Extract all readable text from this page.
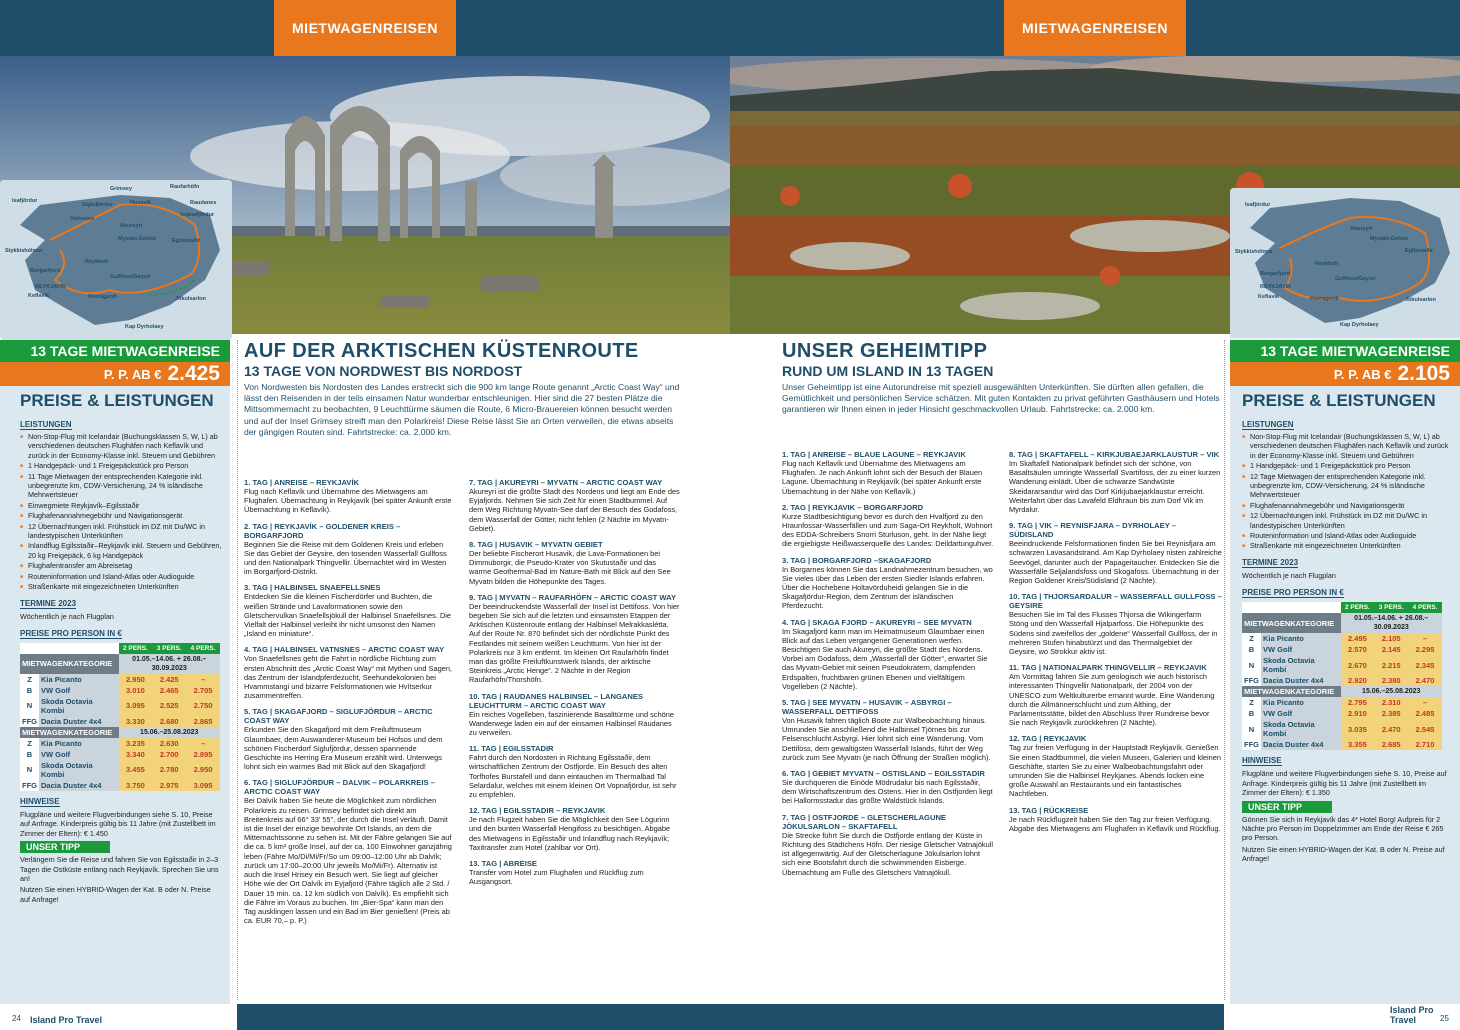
MIETWAGENREISEN
Isafjördur
Grimsey	Raufarhöfn
Siglufjördur	Husavik	Raudanes
Vopnafjördur
Vatnsnes
Akureyri
Stykkishólmur
Myvatn-Gebiet	Egilsstaðir
Reykholt
Borgarfjord
Gullfoss/Geysir
REYKJAVIK
Keflavik	Hveragerdi	Jökulsarlon
Kap Dyrholaey
13 TAGE MIETWAGENREISE
P. P. AB € 2.425
PREISE & LEISTUNGEN
LEISTUNGEN
■ Non-Stop-Flug mit Icelandair (Buchungsklassen S, W, L) ab verschiedenen deutschen Flughäfen nach Keflavík und zurück in der Economy-Klasse inkl. Steuern und Gebühren
■ 1 Handgepäck- und 1 Freigepäckstück pro Person
■ 11 Tage Mietwagen der entsprechenden Kategorie inkl. unbegrenzte km, CDW-Versicherung, 24 % isländische Mehrwertsteuer
■ Einwegmiete Reykjavík–Egilsstaðir
■ Flughafenannahmegebühr und Navigationsgerät
■ 12 Übernachtungen inkl. Frühstück im DZ mit Du/WC in landestypischen Unterkünften
■ Inlandflug Egilsstaðir–Reykjavík inkl. Steuern und Gebühren, 20 kg Freigepäck, 6 kg Handgepäck
■ Flughafentransfer am Abreisetag
■ Routeninformation und Island-Atlas oder Audioguide
■ Straßenkarte mit eingezeichneten Unterkünften
TERMINE 2023
Wöchentlich je nach Flugplan
PREISE PRO PERSON IN €
		2 PERS.	3 PERS.	4 PERS.
MIETWAGENKATEGORIE		01.05.–14.06. + 26.08.–30.09.2023		
Z	Kia Picanto	2.950	2.425	–
B	VW Golf	3.010	2.465	2.705
N	Skoda Octavia Kombi	3.095	2.525	2.750
FFG	Dacia Duster 4x4	3.330	2.680	2.865
MIETWAGENKATEGORIE		15.06.–25.08.2023		
Z	Kia Picanto	3.235	2.630	–
B	VW Golf	3.340	2.700	2.895
N	Skoda Octavia Kombi	3.455	2.780	2.950
FFG	Dacia Duster 4x4	3.750	2.975	3.095
HINWEISE
Flugpläne und weitere Flugverbindungen siehe S. 10, Preise auf Anfrage. Kinderpreis gültig bis 11 Jahre (mit Zustellbett im Zimmer der Eltern): € 1.450
UNSER TIPP
Verlängern Sie die Reise und fahren Sie von Egilsstaðir in 2–3 Tagen die Ostküste entlang nach Reykjavík. Sprechen Sie uns an!
Nutzen Sie einen HYBRID-Wagen der Kat. B oder N. Preise auf Anfrage!
AUF DER ARKTISCHEN KÜSTENROUTE
13 TAGE VON NORDWEST BIS NORDOST
Von Nordwesten bis Nordosten des Landes erstreckt sich die 900 km lange Route genannt „Arctic Coast Way“ und lässt den Reisenden in der teils einsamen Natur wunderbar entschleunigen. Hier sind die 27 besten Plätze die Mittsommernacht zu beobachten, 9 Leuchttürme säumen die Route, 6 Micro-Brauereien können besucht werden und auf der Insel Grimsey streift man den Polarkreis! Diese Reise lässt Sie an Orten verweilen, die etwas abseits der gängigen Routen sind. Fahrtstrecke: ca. 2.000 km.
1. TAG | ANREISE – REYKJAVÍK
Flug nach Keflavík und Übernahme des Mietwagens am Flughafen. Übernachtung in Reykjavík (bei später Ankunft erste Übernachtung in Keflavík).
2. TAG | REYKJAVÍK – GOLDENER KREIS – BORGARFJORD
Beginnen Sie die Reise mit dem Goldenen Kreis und erleben Sie das Gebiet der Geysire, den tosenden Wasserfall Gullfoss und den Nationalpark Thingvellir. Übernachtet wird im Westen im Borgarfjord-Distrikt.
3. TAG | HALBINSEL SNAEFELLSNES
Entdecken Sie die kleinen Fischerdörfer und Buchten, die weißen Strände und Lavaformationen sowie den Gletschervulkan Snaefellsjökull der Halbinsel Snaefellsnes. Die Vielfalt der Halbinsel verleiht ihr nicht umsonst den Namen „Island en miniature“.
4. TAG | HALBINSEL VATNSNES – ARCTIC COAST WAY
Von Snaefellsnes geht die Fahrt in nördliche Richtung zum ersten Abschnitt des „Arctic Coast Way“ mit Mythen und Sagen, das Zentrum der Islandpferdezucht, Seehundekolonien bei Hvammstangi und bizarre Felsformationen wie Hvítserkur zusammentreffen.
5. TAG | SKAGAFJORD – SIGLUFJÖRDUR – ARCTIC COAST WAY
Erkunden Sie den Skagafjord mit dem Freiluftmuseum Glaumbaer, dem Auswanderer-Museum bei Hofsos und dem schönen Fischerdorf Siglufjördur, dessen spannende Geschichte ins Herring Era Museum erzählt wird. Unterwegs lohnt sich ein warmes Bad mit Blick auf den Skagafjord!
6. TAG | SIGLUFJÖRDUR – DALVIK – POLARKREIS – ARCTIC COAST WAY
Bei Dalvík haben Sie heute die Möglichkeit zum nördlichen Polarkreis zu reisen. Grimsey befindet sich direkt am Breitenkreis auf 66° 33' 55", der durch die Insel verläuft. Damit ist die Insel der einzige bewohnte Ort Islands, an dem die Mitternachtssonne zu sehen ist. Mit der Fähre gelangen Sie auf die ca. 5 km² große Insel, auf der ca. 100 Einwohner ganzjährig leben (Fähre Mo/Di/Mi/Fr/So um 09:00–12:00 Uhr ab Dalvík; zurück um 17:00–20:00 Uhr jeweils Mo/Mi/Fr). Alternativ ist auch die Insel Hrisey ein Besuch wert. Sie liegt auf gleicher Höhe wie der Ort Dalvík im Eyjafjord (Fähre täglich alle 2 Std. / Dauer 15 min. ca. 12 km südlich von Dalvík). Es empfiehlt sich die Fähre im Voraus zu buchen. Im „Bier-Spa“ kann man den Tag ausklingen lassen und ein Bad im Bier genießen! (Preis ab ca. EUR 70,– p. P.)
7. TAG | AKUREYRI – MYVATN – ARCTIC COAST WAY
Akureyri ist die größte Stadt des Nordens und liegt am Ende des Eyjafjords. Nehmen Sie sich Zeit für einen Stadtbummel. Auf dem Weg Richtung Myvatn-See darf der Besuch des Godafoss, dem Wasserfall der Götter, nicht fehlen (2 Nächte im Myvatn-Gebiet).
8. TAG | HUSAVIK – MYVATN GEBIET
Der beliebte Fischerort Husavik, die Lava-Formationen bei Dimmuborgir, die Pseudo-Krater von Skutustaðir und das warme Geothermal-Bad im Nature-Bath mit Blick auf den See Myvatn bilden die Höhepunkte des Tages.
9. TAG | MYVATN – RAUFARHÖFN – ARCTIC COAST WAY
Der beeindruckendste Wasserfall der Insel ist Dettifoss. Von hier begeben Sie sich auf die letzten und einsamsten Etappen der Arktischen Küstenroute entlang der Halbinsel Melrakkaslétta. Auf der Route Nr. 870 befindet sich der nördlichste Punkt des Festlandes mit seinem weißen Leuchtturm. Von hier ist der Polarkreis nur 3 km entfernt. Im kleinen Ort Raufarhöfn findet man das größte Freiluftkunstwerk Islands, der arktische Steinkreis „Arctic Henge“. 2 Nächte in der Region Raufarhöfn/Thorshöfn.
10. TAG | RAUDANES HALBINSEL – LANGANES LEUCHTTURM – ARCTIC COAST WAY
Ein reiches Vogelleben, faszinierende Basalttürme und schöne Wanderwege laden ein auf der einsamen Halbinsel Raudanes zu verweilen.
11. TAG | EGILSSTADIR
Fahrt durch den Nordosten in Richtung Egilsstaðir, dem wirtschaftlichen Zentrum der Ostfjorde. Ein Besuch des alten Torfhofes Burstafell und dann eintauchen im Thermalbad Tal Selardalur, welches mit einem kleinen Ort Vopnafjördur, ist sehr zu empfehlen.
12. TAG | EGILSSTADIR – REYKJAVIK
Je nach Flugzeit haben Sie die Möglichkeit den See Lögurinn und den bunten Wasserfall Hengifoss zu besichtigen. Abgabe des Mietwagens in Egilsstaðir und Inlandflug nach Reykjavík; Taxitransfer zum Hotel (zahlbar vor Ort).
13. TAG | ABREISE
Transfer vom Hotel zum Flughafen und Rückflug zum Ausgangsort.
24 Island Pro Travel
MIETWAGENREISEN
Isafjördur
Akureyri
Myvatn-Gebiet
Stykkishólmur	Egilsstaðir
Reykholt
Borgarfjord
Gullfoss/Geysir
REYKJAVIK
Keflavik	Hveragerdi	Jökulsarlon
Kap Dyrholaey
UNSER GEHEIMTIPP
RUND UM ISLAND IN 13 TAGEN
Unser Geheimtipp ist eine Autorundreise mit speziell ausgewählten Unterkünften. Sie dürften allen gefallen, die Gemütlichkeit und persönlichen Service schätzen. Mit guten Kontakten zu privat geführten Gasthäusern und Hotels garantieren wir Ihnen einen in jeder Hinsicht geschmackvollen Urlaub. Fahrtstrecke: ca. 2.000 km.
1. TAG | ANREISE – BLAUE LAGUNE – REYKJAVIK
Flug nach Keflavík und Übernahme des Mietwagens am Flughafen. Je nach Ankunft lohnt sich der Besuch der Blauen Lagune. Übernachtung in Reykjavík (bei später Ankunft erste Übernachtung in der Nähe von Keflavík.)
2. TAG | REYKJAVIK – BORGARFJORD
Kurze Stadtbesichtigung bevor es durch den Hvalfjord zu den Hraunfossar-Wasserfällen und zum Saga-Ort Reykholt, Wohnort des EDDA-Schreibers Snorri Sturluson, geht. In der Nähe liegt die ergiebigste Heißwasserquelle des Landes: Deildartunguhver.
3. TAG | BORGARFJORD –SKAGAFJORD
In Borgarnes können Sie das Landnahmezentrum besuchen, wo Sie vieles über das Leben der ersten Siedler Islands erfahren. Über die Hochebene Holtavörduheidi gelangen Sie in die Skagafjördur-Region, dem Zentrum der isländischen Pferdezucht.
4. TAG | SKAGA FJORD – AKUREYRI – SEE MYVATN
Im Skagafjord kann man im Heimatmuseum Glaumbaer einen Blick auf das Leben vergangener Generationen werfen. Besichtigen Sie auch Akureyri, die größte Stadt des Nordens. Vorbei am Godafoss, dem „Wasserfall der Götter“, erwartet Sie das Myvatn-Gebiet mit seinen Pseudokratern, dampfenden Erdspalten, fruchtbaren grünen Ebenen und vielfältigem Vogelleben (2 Nächte).
5. TAG | SEE MYVATN – HUSAVIK – ASBYRGI – WASSERFALL DETTIFOSS
Von Husavik fahren täglich Boote zur Walbeobachtung hinaus. Umrunden Sie anschließend die Halbinsel Tjörnes bis zur Felsenschlucht Asbyrgi. Hier lohnt sich eine Wanderung. Vom Dettifoss, dem gewaltigsten Wasserfall Islands, führt der Weg zurück zum See Myvatn (je nach Öffnung der Straßen möglich).
6. TAG | GEBIET MYVATN – OSTISLAND – EGILSSTADIR
Sie durchqueren die Einöde Mödrudalur bis nach Egilsstaðir, dem Wirtschaftszentrum des Ostens. Hier in den Ostfjorden liegt bei Hallormsstadur das größte Waldstück Islands.
7. TAG | OSTFJORDE – GLETSCHERLAGUNE JÖKULSARLON – SKAFTAFELL
Die Strecke führt Sie durch die Ostfjorde entlang der Küste in Richtung des Städtchens Höfn. Der riesige Gletscher Vatnajökull ist allgegenwärtig. Auf der Gletscherlagune Jökulsarlon lohnt sich eine Bootsfahrt durch die schwimmenden Eisberge. Übernachtung am Fuße des Gletschers Vatnajökull.
8. TAG | SKAFTAFELL – KIRKJUBAEJARKLAUSTUR – VIK
Im Skaftafell Nationalpark befindet sich der schöne, von Basaltsäulen umringte Wasserfall Svartifoss, der zu einer kurzen Wanderung einlädt. Über die schwarze Sandwüste Skeidararsandur wird das Dorf Kirkjubaejarklaustur erreicht. Weiterfahrt über das Lavafeld Eldhraun bis zum Dorf Vik im Myrdalur.
9. TAG | VIK – REYNISFJARA – DYRHOLAEY – SÜDISLAND
Beeindruckende Felsformationen finden Sie bei Reynisfjara am schwarzen Lavasandstrand. Am Kap Dyrholaey nisten zahlreiche Seevögel, darunter auch der Papageitaucher. Entdecken Sie die Wasserfälle Seljalandsfoss und Skogafoss. Übernachtung in der Region Goldener Kreis/Südisland (2 Nächte).
10. TAG | THJORSARDALUR – WASSERFALL GULLFOSS – GEYSIRE
Besuchen Sie im Tal des Flusses Thjorsa die Wikingerfarm Stöng und den Wasserfall Hjalparfoss. Die Höhepunkte des Südens sind zweifellos der „goldene“ Wasserfall Gullfoss, der in mehreren Stufen hinabstürzt und das Thermalgebiet der Geysire, wo Strokkur aktiv ist.
11. TAG | NATIONALPARK THINGVELLIR – REYKJAVIK
Am Vormittag fahren Sie zum geologisch wie auch historisch interessanten Thingvellir Nationalpark, der 2004 von der UNESCO zum Weltkulturerbe ernannt wurde. Eine Wanderung durch die Allmännerschlucht und zum Althing, der Parlamentsstätte, bildet den Abschluss Ihrer Rundreise bevor Sie nach Reykjavík zurückkehren (2 Nächte).
12. TAG | REYKJAVIK
Tag zur freien Verfügung in der Hauptstadt Reykjavík. Genießen Sie einen Stadtbummel, die vielen Museen, Galerien und kleinen Geschäfte, starten Sie zu einer Walbeobachtungsfahrt oder umrunden Sie die Halbinsel Reykjanes. Abends locken eine große Auswahl an Restaurants und ein fantastisches Nachtleben.
13. TAG | RÜCKREISE
Je nach Rückflugzeit haben Sie den Tag zur freien Verfügung. Abgabe des Mietwagens am Flughafen in Keflavík und Rückflug.
13 TAGE MIETWAGENREISE
P. P. AB € 2.105
PREISE & LEISTUNGEN
LEISTUNGEN
■ Non-Stop-Flug mit Icelandair (Buchungsklassen S, W, L) ab verschiedenen deutschen Flughäfen nach Keflavík und zurück in der Economy-Klasse inkl. Steuern und Gebühren
■ 1 Handgepäck- und 1 Freigepäckstück pro Person
■ 12 Tage Mietwagen der entsprechenden Kategorie inkl. unbegrenzte km, CDW-Versicherung, 24 % isländische Mehrwertsteuer
■ Flughafenannahmegebühr und Navigationsgerät
■ 12 Übernachtungen inkl. Frühstück im DZ mit Du/WC in landestypischen Unterkünften
■ Routeninformation und Island-Atlas oder Audioguide
■ Straßenkarte mit eingezeichneten Unterkünften
TERMINE 2023
Wöchentlich je nach Flugplan
PREISE PRO PERSON IN €
		2 PERS.	3 PERS.	4 PERS.
MIETWAGENKATEGORIE		01.05.–14.06. + 26.08.–30.09.2023		
Z	Kia Picanto	2.495	2.105	–
B	VW Golf	2.570	2.145	2.295
N	Skoda Octavia Kombi	2.670	2.215	2.345
FFG	Dacia Duster 4x4	2.920	2.380	2.470
MIETWAGENKATEGORIE		15.06.–25.08.2023		
Z	Kia Picanto	2.795	2.310	–
B	VW Golf	2.910	2.385	2.485
N	Skoda Octavia Kombi	3.035	2.470	2.545
FFG	Dacia Duster 4x4	3.355	2.685	2.710
HINWEISE
Flugpläne und weitere Flugverbindungen siehe S. 10, Preise auf Anfrage. Kinderpreis gültig bis 11 Jahre (mit Zustellbett im Zimmer der Eltern): € 1.350
UNSER TIPP
Gönnen Sie sich in Reykjavík das 4* Hotel Borg! Aufpreis für 2 Nächte pro Person im Doppelzimmer am Ende der Reise € 265 pro Person.
Nutzen Sie einen HYBRID-Wagen der Kat. B oder N. Preise auf Anfrage!
Island Pro Travel	25
